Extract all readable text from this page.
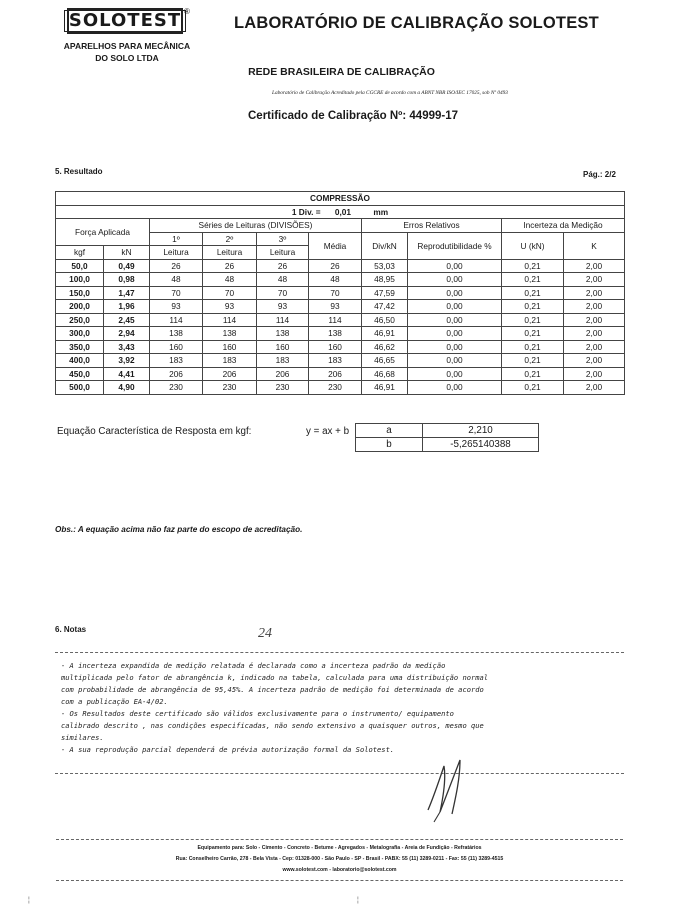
SOLOTEST ®
APARELHOS PARA MECÂNICA
DO SOLO LTDA
LABORATÓRIO DE CALIBRAÇÃO SOLOTEST
REDE BRASILEIRA DE CALIBRAÇÃO
Laboratório de Calibração Acreditado pela CGCRE de acordo com a ABNT NBR ISO/IEC 17025, sob Nº 0493
Certificado de Calibração Nº: 44999-17
5. Resultado	Pág.: 2/2
COMPRESSÃO									
1 Div. = 0,01 mm									
Força Aplicada		Séries de Leituras (DIVISÕES)				Erros Relativos		Incerteza da Medição	
		1º	2º	3º	Média	Div/kN	Reprodutibilidade %	U (kN)	K
kgf	kN	Leitura	Leitura	Leitura					
50,0	0,49	26	26	26	26	53,03	0,00	0,21	2,00
100,0	0,98	48	48	48	48	48,95	0,00	0,21	2,00
150,0	1,47	70	70	70	70	47,59	0,00	0,21	2,00
200,0	1,96	93	93	93	93	47,42	0,00	0,21	2,00
250,0	2,45	114	114	114	114	46,50	0,00	0,21	2,00
300,0	2,94	138	138	138	138	46,91	0,00	0,21	2,00
350,0	3,43	160	160	160	160	46,62	0,00	0,21	2,00
400,0	3,92	183	183	183	183	46,65	0,00	0,21	2,00
450,0	4,41	206	206	206	206	46,68	0,00	0,21	2,00
500,0	4,90	230	230	230	230	46,91	0,00	0,21	2,00
Equação Característica de Resposta em kgf:	y = ax + b	a	2,210
b	-5,265140388
Obs.: A equação acima não faz parte do escopo de acreditação.
6. Notas	24
- A incerteza expandida de medição relatada é declarada como a incerteza padrão da medição
multiplicada pelo fator de abrangência k, indicado na tabela, calculada para uma distribuição normal
com probabilidade de abrangência de 95,45%. A incerteza padrão de medição foi determinada de acordo
com a publicação EA-4/02.
- Os Resultados deste certificado são válidos exclusivamente para o instrumento/ equipamento
calibrado descrito , nas condições especificadas, não sendo extensivo a quaisquer outros, mesmo que
similares.
- A sua reprodução parcial dependerá de prévia autorização formal da Solotest.
Equipamento para: Solo - Cimento - Concreto - Betume - Agregados - Metalografia - Areia de Fundição - Refratários
Rua: Conselheiro Carrão, 278 - Bela Vista - Cep: 01328-000 - São Paulo - SP - Brasil - PABX: 55 (11) 3289-0211 - Fax: 55 (11) 3289-4515
www.solotest.com - laboratorio@solotest.com
¦	¦
